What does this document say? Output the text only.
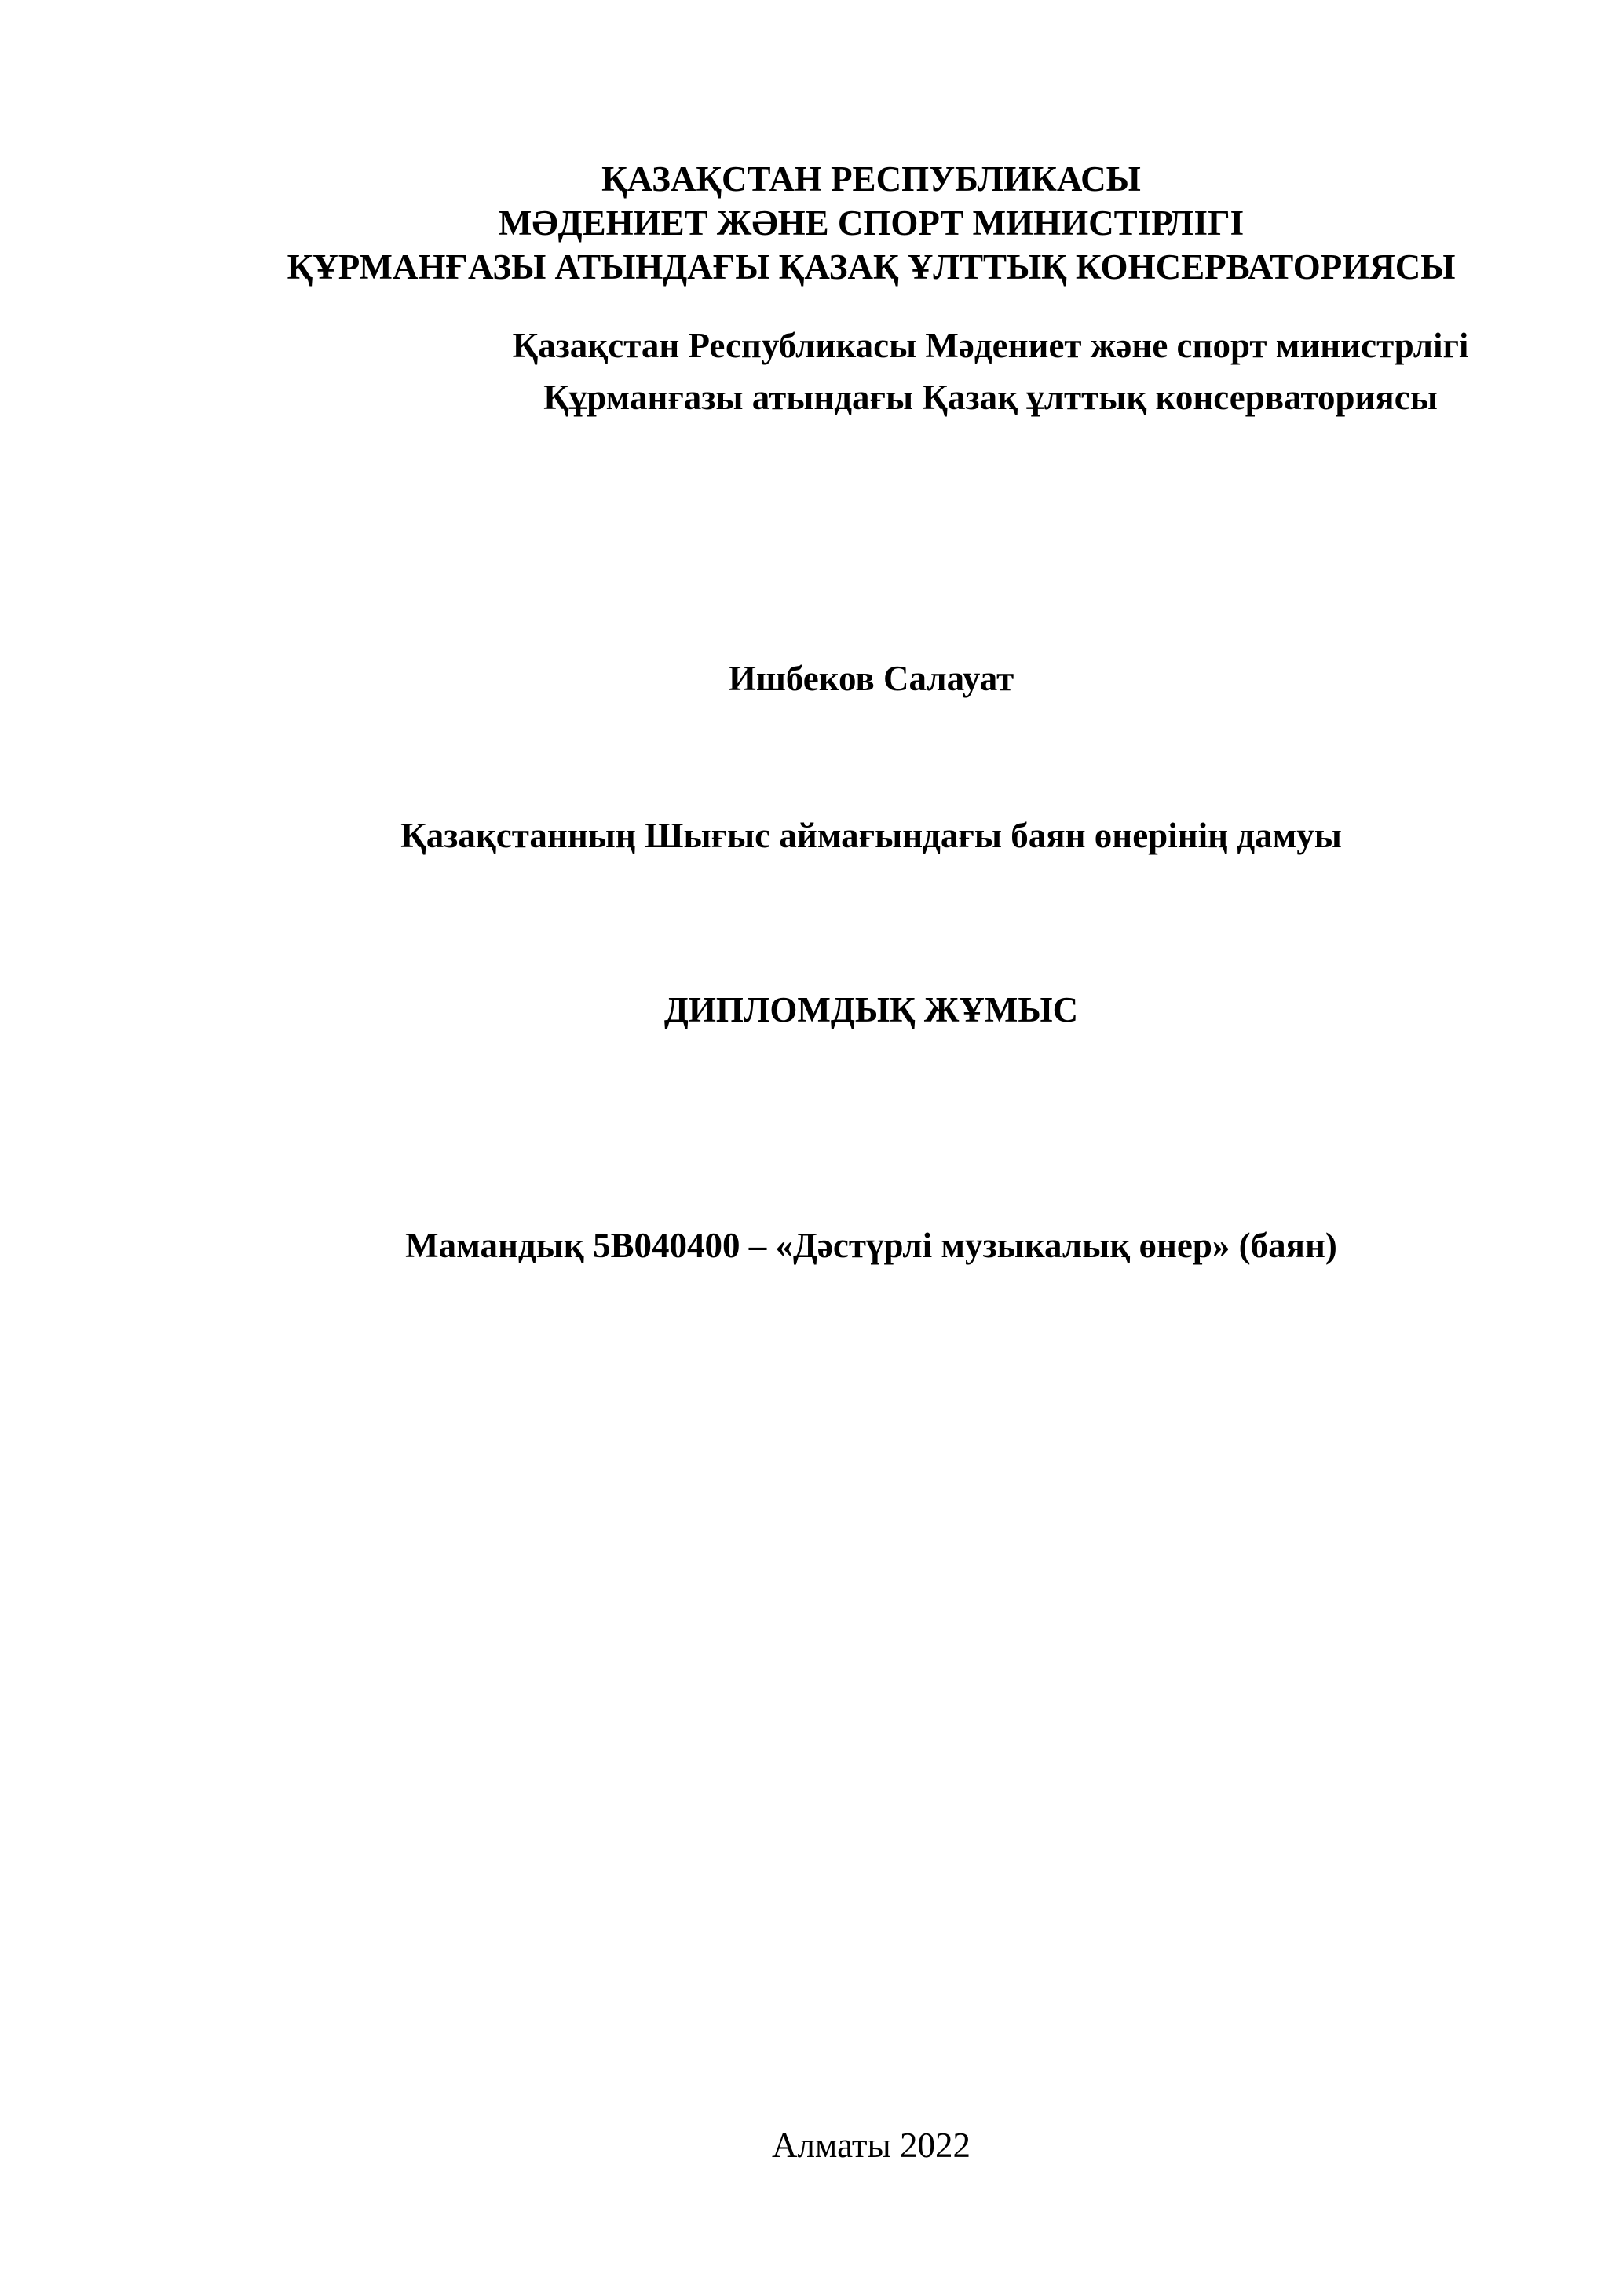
ҚАЗАҚСТАН РЕСПУБЛИКАСЫ
МӘДЕНИЕТ ЖӘНЕ СПОРТ МИНИСТІРЛІГІ
ҚҰРМАНҒАЗЫ АТЫНДАҒЫ ҚАЗАҚ ҰЛТТЫҚ КОНСЕРВАТОРИЯСЫ
Қазақстан Республикасы Мәдениет және спорт министрлігі
Құрманғазы атындағы Қазақ ұлттық консерваториясы
Ишбеков Салауат
Қазақстанның Шығыс аймағындағы баян өнерінің дамуы
ДИПЛОМДЫҚ ЖҰМЫС
Мамандық 5В040400 – «Дәстүрлі музыкалық өнер» (баян)
Алматы 2022
